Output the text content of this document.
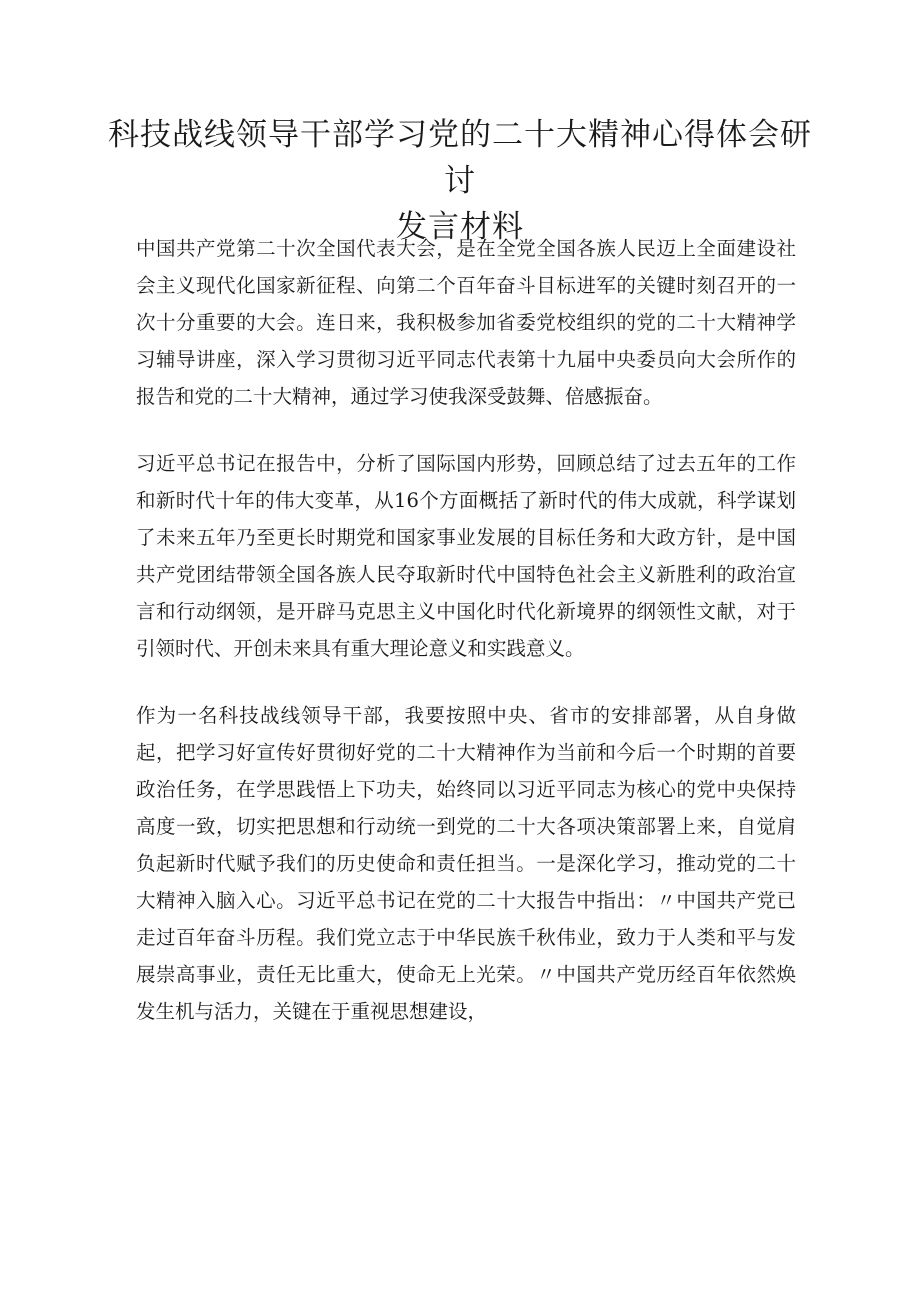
科技战线领导干部学习党的二十大精神心得体会研讨
发言材料

中国共产党第二十次全国代表大会，是在全党全国各族人民迈上全面建设社会主义现代化国家新征程、向第二个百年奋斗目标进军的关键时刻召开的一次十分重要的大会。连日来，我积极参加省委党校组织的党的二十大精神学习辅导讲座，深入学习贯彻习近平同志代表第十九届中央委员向大会所作的报告和党的二十大精神，通过学习使我深受鼓舞、倍感振奋。

习近平总书记在报告中，分析了国际国内形势，回顾总结了过去五年的工作和新时代十年的伟大变革，从16个方面概括了新时代的伟大成就，科学谋划了未来五年乃至更长时期党和国家事业发展的目标任务和大政方针，是中国共产党团结带领全国各族人民夺取新时代中国特色社会主义新胜利的政治宣言和行动纲领，是开辟马克思主义中国化时代化新境界的纲领性文献，对于引领时代、开创未来具有重大理论意义和实践意义。

作为一名科技战线领导干部，我要按照中央、省市的安排部署，从自身做起，把学习好宣传好贯彻好党的二十大精神作为当前和今后一个时期的首要政治任务，在学思践悟上下功夫，始终同以习近平同志为核心的党中央保持高度一致，切实把思想和行动统一到党的二十大各项决策部署上来，自觉肩负起新时代赋予我们的历史使命和责任担当。一是深化学习，推动党的二十大精神入脑入心。习近平总书记在党的二十大报告中指出：〃中国共产党已走过百年奋斗历程。我们党立志于中华民族千秋伟业，致力于人类和平与发展崇高事业，责任无比重大，使命无上光荣。〃中国共产党历经百年依然焕发生机与活力，关键在于重视思想建设，
